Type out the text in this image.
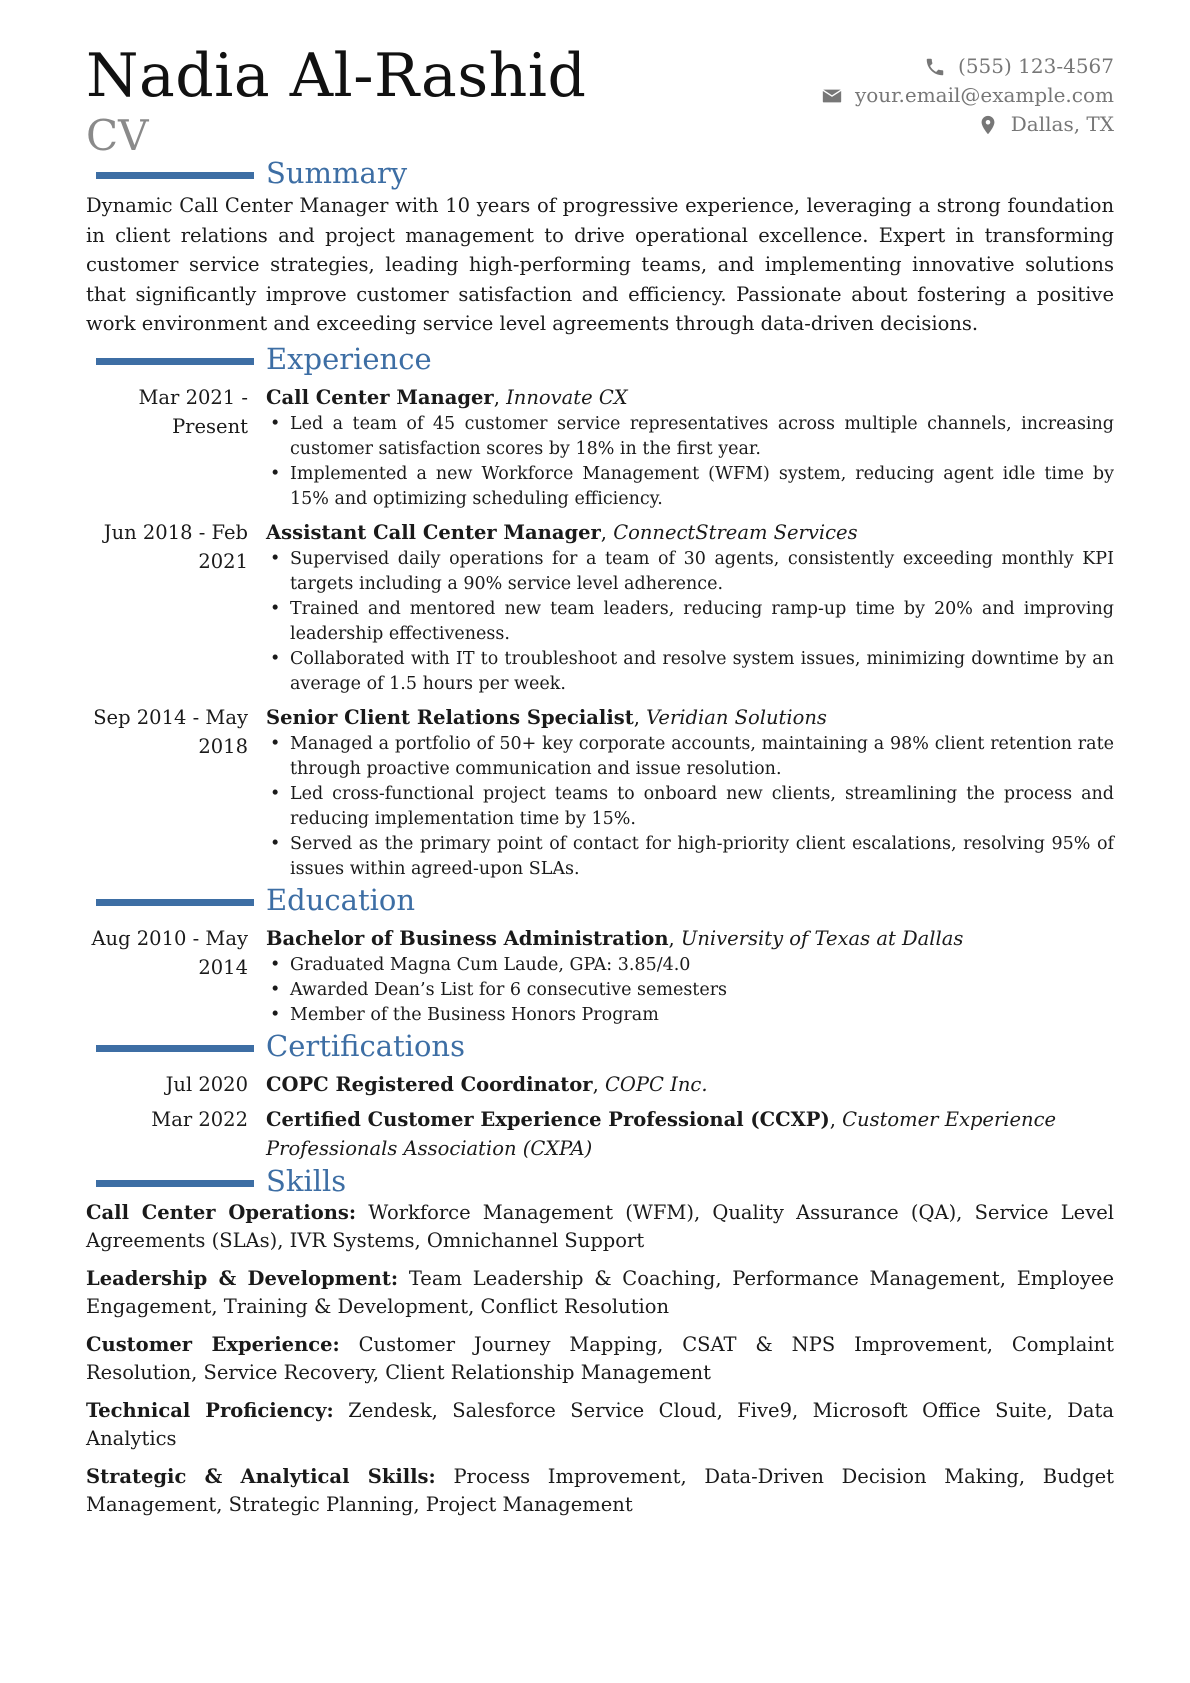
Nadia Al-Rashid
CV
(555) 123-4567
your.email@example.com
Dallas, TX
Summary

Dynamic Call Center Manager with 10 years of progressive experience, leveraging a strong foundation in client relations and project management to drive operational excellence. Expert in transforming customer service strategies, leading high-performing teams, and implementing innovative solutions that significantly improve customer satisfaction and efficiency. Passionate about fostering a positive work environment and exceeding service level agreements through data-driven decisions.

Experience
Mar 2021 - Present
Call Center Manager, Innovate CX
• Led a team of 45 customer service representatives across multiple channels, increasing customer satisfaction scores by 18% in the first year.
• Implemented a new Workforce Management (WFM) system, reducing agent idle time by 15% and optimizing scheduling efficiency.
Jun 2018 - Feb 2021
Assistant Call Center Manager, ConnectStream Services
• Supervised daily operations for a team of 30 agents, consistently exceeding monthly KPI targets including a 90% service level adherence.
• Trained and mentored new team leaders, reducing ramp-up time by 20% and improving leadership effectiveness.
• Collaborated with IT to troubleshoot and resolve system issues, minimizing downtime by an average of 1.5 hours per week.
Sep 2014 - May 2018
Senior Client Relations Specialist, Veridian Solutions
• Managed a portfolio of 50+ key corporate accounts, maintaining a 98% client retention rate through proactive communication and issue resolution.
• Led cross-functional project teams to onboard new clients, streamlining the process and reducing implementation time by 15%.
• Served as the primary point of contact for high-priority client escalations, resolving 95% of issues within agreed-upon SLAs.
Education
Aug 2010 - May 2014
Bachelor of Business Administration, University of Texas at Dallas
• Graduated Magna Cum Laude, GPA: 3.85/4.0
• Awarded Dean’s List for 6 consecutive semesters
• Member of the Business Honors Program
Certifications
Jul 2020 COPC Registered Coordinator, COPC Inc.
Mar 2022 Certified Customer Experience Professional (CCXP), Customer Experience Professionals Association (CXPA)
Skills
Call Center Operations: Workforce Management (WFM), Quality Assurance (QA), Service Level Agreements (SLAs), IVR Systems, Omnichannel Support
Leadership & Development: Team Leadership & Coaching, Performance Management, Employee Engagement, Training & Development, Conflict Resolution
Customer Experience: Customer Journey Mapping, CSAT & NPS Improvement, Complaint Resolution, Service Recovery, Client Relationship Management
Technical Proficiency: Zendesk, Salesforce Service Cloud, Five9, Microsoft Office Suite, Data Analytics
Strategic & Analytical Skills: Process Improvement, Data-Driven Decision Making, Budget Management, Strategic Planning, Project Management
